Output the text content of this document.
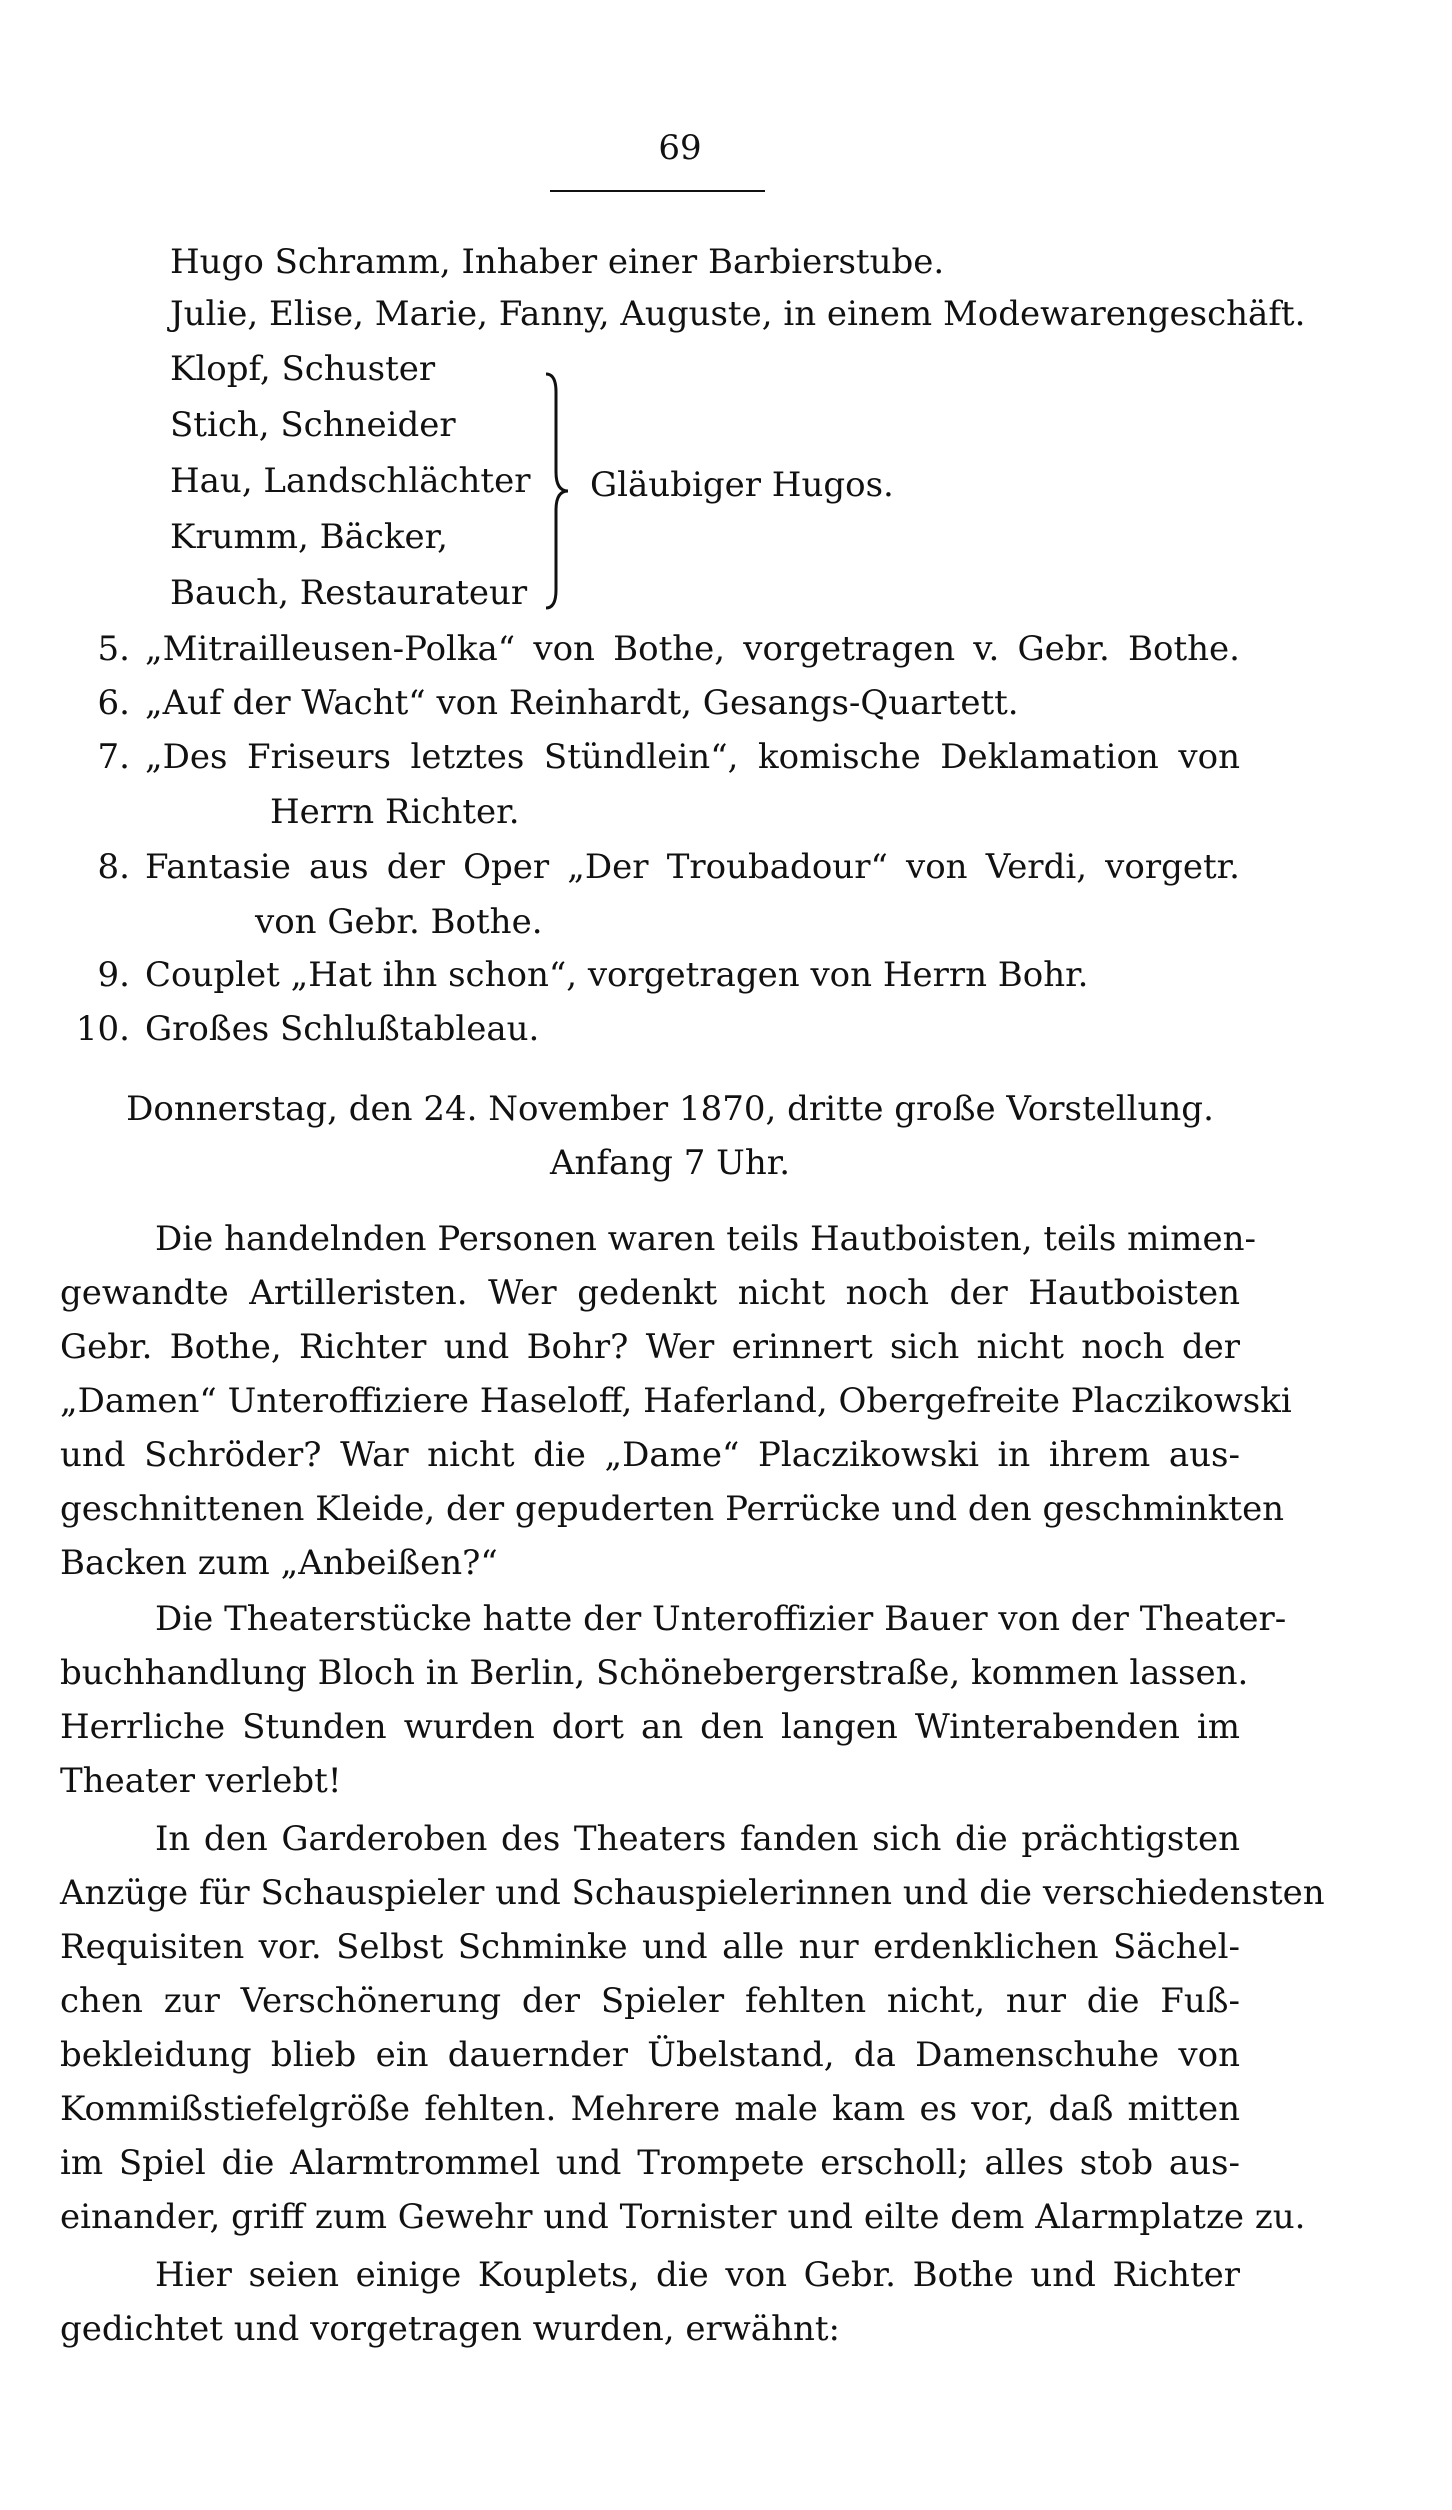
69
Hugo Schramm, Inhaber einer Barbierstube.
Julie, Elise, Marie, Fanny, Auguste, in einem Modewarengeschäft.
Klopf, Schuster
Stich, Schneider
Hau, Landschlächter
Krumm, Bäcker,
Bauch, Restaurateur
Gläubiger Hugos.
5. „Mitrailleusen-Polka“ von Bothe, vorgetragen v. Gebr. Bothe.
6. „Auf der Wacht“ von Reinhardt, Gesangs-Quartett.
7. „Des Friseurs letztes Stündlein“, komische Deklamation von
Herrn Richter.
8. Fantasie aus der Oper „Der Troubadour“ von Verdi, vorgetr.
von Gebr. Bothe.
9. Couplet „Hat ihn schon“, vorgetragen von Herrn Bohr.
10. Großes Schlußtableau.
Donnerstag, den 24. November 1870, dritte große Vorstellung.
Anfang 7 Uhr.
Die handelnden Personen waren teils Hautboisten, teils mimen-
gewandte Artilleristen. Wer gedenkt nicht noch der Hautboisten
Gebr. Bothe, Richter und Bohr? Wer erinnert sich nicht noch der
„Damen“ Unteroffiziere Haseloff, Haferland, Obergefreite Placzikowski
und Schröder? War nicht die „Dame“ Placzikowski in ihrem aus-
geschnittenen Kleide, der gepuderten Perrücke und den geschminkten
Backen zum „Anbeißen?“
Die Theaterstücke hatte der Unteroffizier Bauer von der Theater-
buchhandlung Bloch in Berlin, Schönebergerstraße, kommen lassen.
Herrliche Stunden wurden dort an den langen Winterabenden im
Theater verlebt!
In den Garderoben des Theaters fanden sich die prächtigsten
Anzüge für Schauspieler und Schauspielerinnen und die verschiedensten
Requisiten vor. Selbst Schminke und alle nur erdenklichen Sächel-
chen zur Verschönerung der Spieler fehlten nicht, nur die Fuß-
bekleidung blieb ein dauernder Übelstand, da Damenschuhe von
Kommißstiefelgröße fehlten. Mehrere male kam es vor, daß mitten
im Spiel die Alarmtrommel und Trompete erscholl; alles stob aus-
einander, griff zum Gewehr und Tornister und eilte dem Alarmplatze zu.
Hier seien einige Kouplets, die von Gebr. Bothe und Richter
gedichtet und vorgetragen wurden, erwähnt:
